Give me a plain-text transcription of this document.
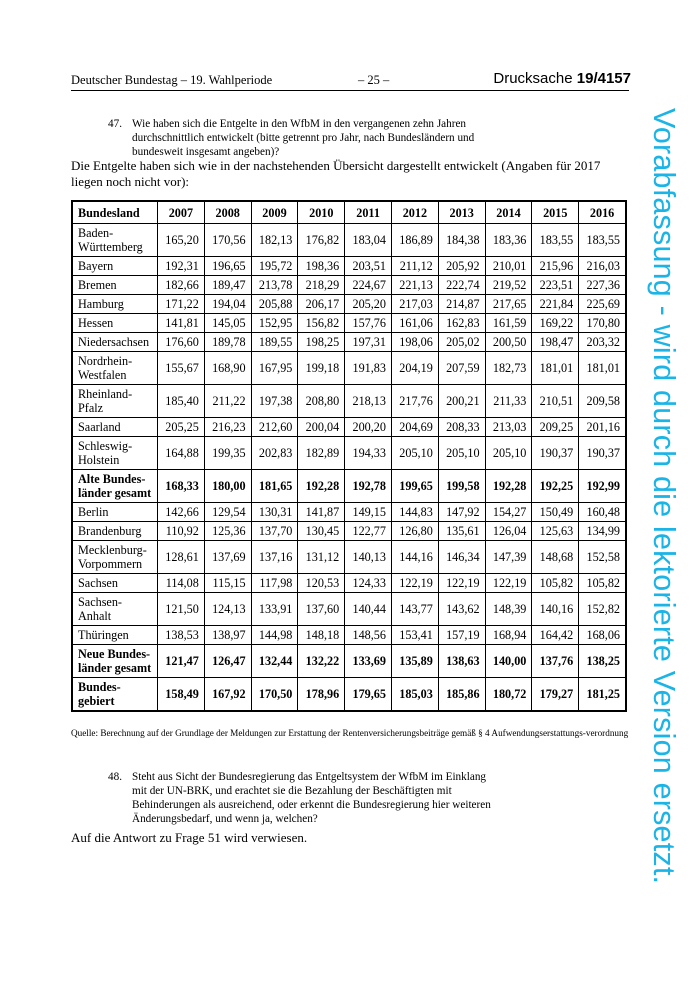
Deutscher Bundestag – 19. Wahlperiode	– 25 –	Drucksache 19/4157
47. Wie haben sich die Entgelte in den WfbM in den vergangenen zehn Jahren durchschnittlich entwickelt (bitte getrennt pro Jahr, nach Bundesländern und bundesweit insgesamt angeben)?
Die Entgelte haben sich wie in der nachstehenden Übersicht dargestellt entwickelt (Angaben für 2017 liegen noch nicht vor):
Bundesland	2007	2008	2009	2010	2011	2012	2013	2014	2015	2016
Baden-
Württemberg	165,20	170,56	182,13	176,82	183,04	186,89	184,38	183,36	183,55	183,55
Bayern	192,31	196,65	195,72	198,36	203,51	211,12	205,92	210,01	215,96	216,03
Bremen	182,66	189,47	213,78	218,29	224,67	221,13	222,74	219,52	223,51	227,36
Hamburg	171,22	194,04	205,88	206,17	205,20	217,03	214,87	217,65	221,84	225,69
Hessen	141,81	145,05	152,95	156,82	157,76	161,06	162,83	161,59	169,22	170,80
Niedersachsen	176,60	189,78	189,55	198,25	197,31	198,06	205,02	200,50	198,47	203,32
Nordrhein-
Westfalen	155,67	168,90	167,95	199,18	191,83	204,19	207,59	182,73	181,01	181,01
Rheinland-
Pfalz	185,40	211,22	197,38	208,80	218,13	217,76	200,21	211,33	210,51	209,58
Saarland	205,25	216,23	212,60	200,04	200,20	204,69	208,33	213,03	209,25	201,16
Schleswig-
Holstein	164,88	199,35	202,83	182,89	194,33	205,10	205,10	205,10	190,37	190,37
Alte Bundes-
länder gesamt	168,33	180,00	181,65	192,28	192,78	199,65	199,58	192,28	192,25	192,99
Berlin	142,66	129,54	130,31	141,87	149,15	144,83	147,92	154,27	150,49	160,48
Brandenburg	110,92	125,36	137,70	130,45	122,77	126,80	135,61	126,04	125,63	134,99
Mecklenburg-
Vorpommern	128,61	137,69	137,16	131,12	140,13	144,16	146,34	147,39	148,68	152,58
Sachsen	114,08	115,15	117,98	120,53	124,33	122,19	122,19	122,19	105,82	105,82
Sachsen-
Anhalt	121,50	124,13	133,91	137,60	140,44	143,77	143,62	148,39	140,16	152,82
Thüringen	138,53	138,97	144,98	148,18	148,56	153,41	157,19	168,94	164,42	168,06
Neue Bundes-
länder gesamt	121,47	126,47	132,44	132,22	133,69	135,89	138,63	140,00	137,76	138,25
Bundes-
gebiert	158,49	167,92	170,50	178,96	179,65	185,03	185,86	180,72	179,27	181,25
Quelle: Berechnung auf der Grundlage der Meldungen zur Erstattung der Rentenversicherungsbeiträge gemäß § 4 Aufwendungserstattungs-verordnung
48. Steht aus Sicht der Bundesregierung das Entgeltsystem der WfbM im Einklang mit der UN-BRK, und erachtet sie die Bezahlung der Beschäftigten mit Behinderungen als ausreichend, oder erkennt die Bundesregierung hier weiteren Änderungsbedarf, und wenn ja, welchen?
Auf die Antwort zu Frage 51 wird verwiesen.	Vorabfassung - wird durch die lektorierte Version ersetzt.
